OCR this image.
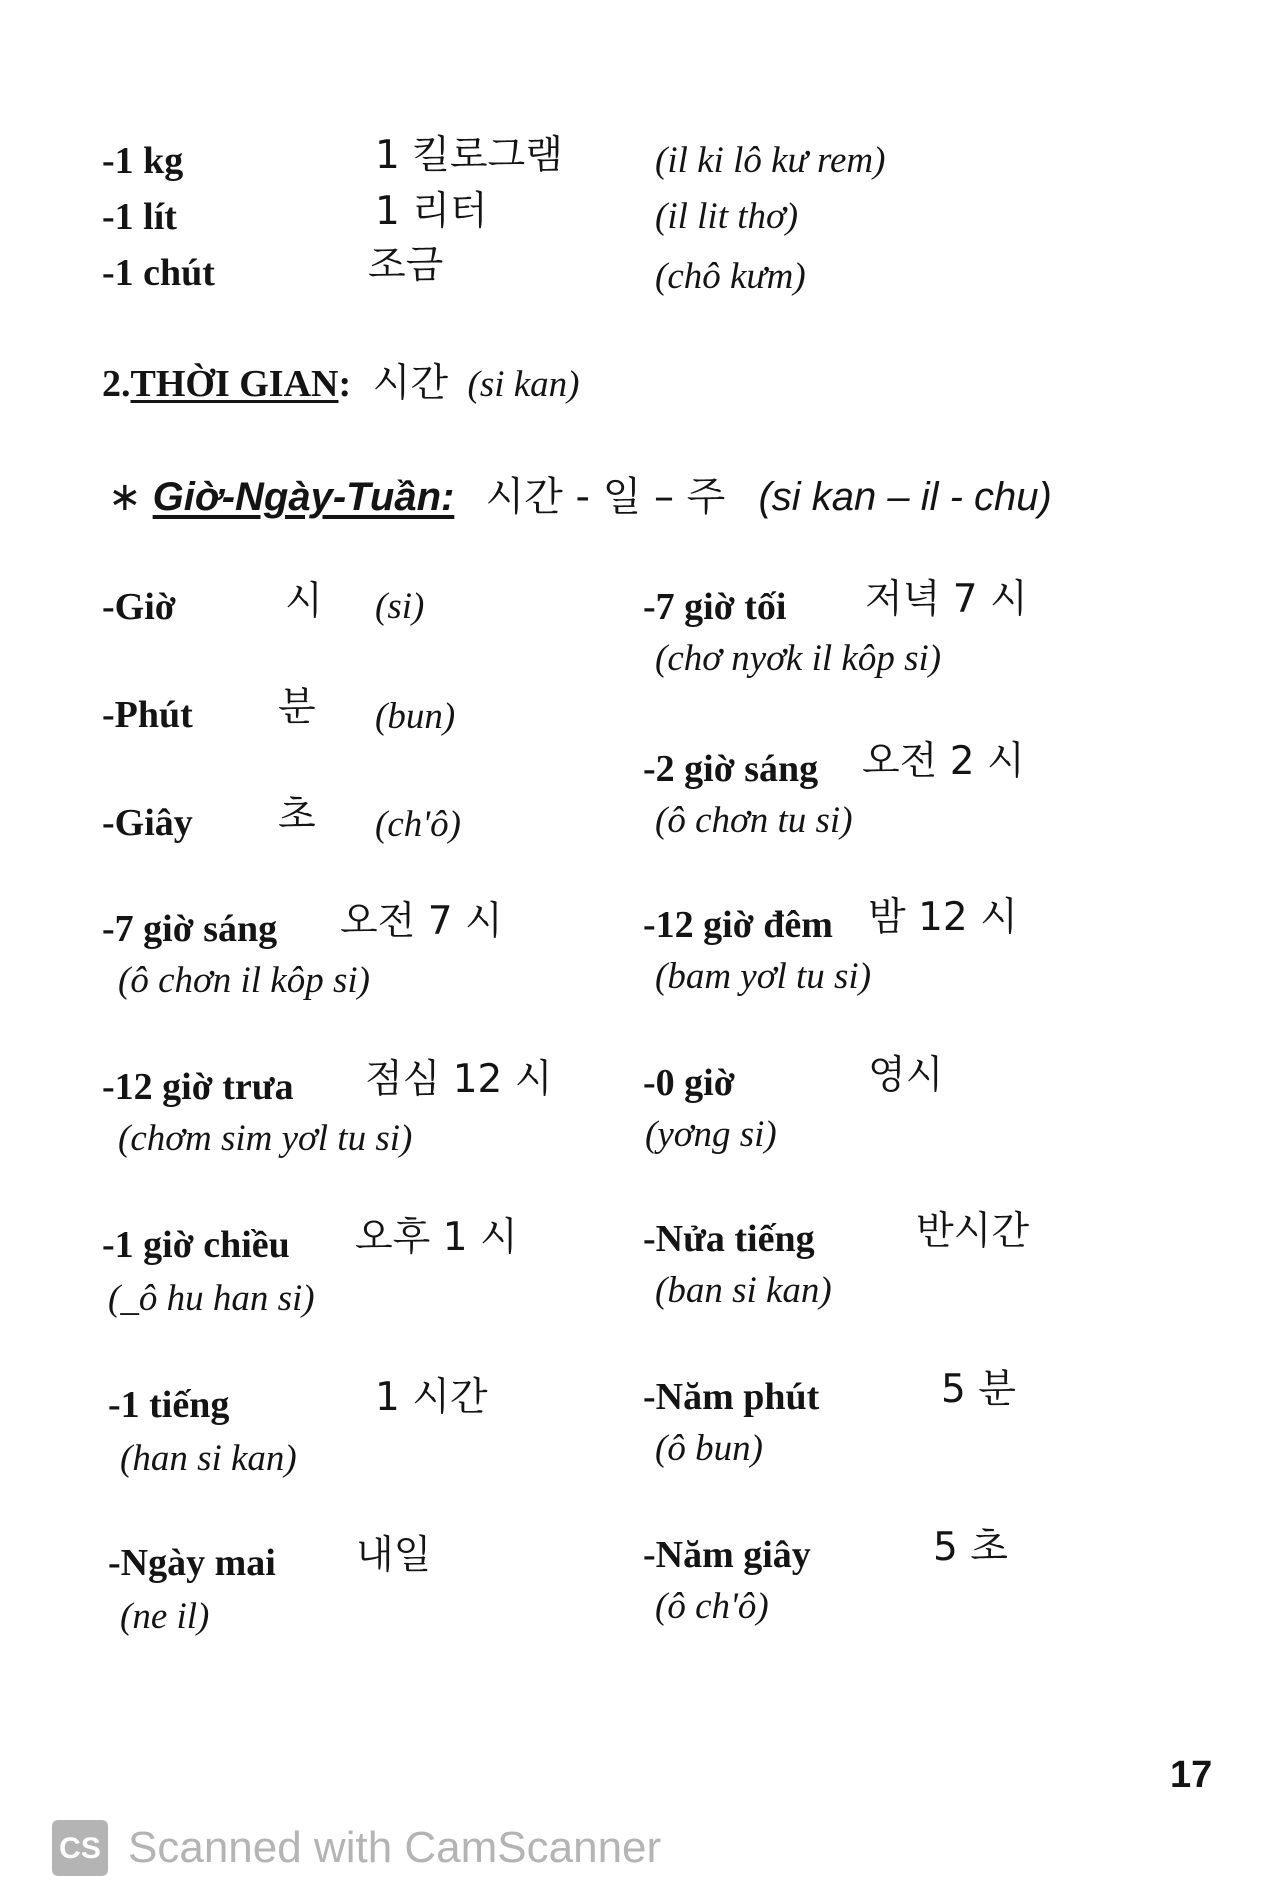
-1 kg	1 킬로그램 (il ki lô kư rem)
-1 lít	1 리터	(il lit thơ)
-1 chút	조금	(chô kưm)
2.THỜI GIAN: 시간 (si kan)
∗ Giờ-Ngày-Tuần: 시간 - 일 – 주 (si kan – il - chu)
-Giờ	시 (si)
-Phút 분 (bun)
-Giây 초 (ch'ô)
-7 giờ sáng 오전 7 시
(ô chơn il kôp si)
-12 giờ trưa 점심 12 시
(chơm sim yơl tu si)
-1 giờ chiều 오후 1 시
(_ô hu han si)
-1 tiếng	1 시간
(han si kan)
-Ngày mai 내일
(ne il)
-7 giờ tối 저녁 7 시
(chơ nyơk il kôp si)
-2 giờ sáng 오전 2 시
(ô chơn tu si)
-12 giờ đêm 밤 12 시
(bam yơl tu si)
-0 giờ	영시
(yơng si)
-Nửa tiếng	반시간
(ban si kan)
-Năm phút	5 분
(ô bun)
-Năm giây	5 초
(ô ch'ô)
17
CS Scanned with CamScanner
